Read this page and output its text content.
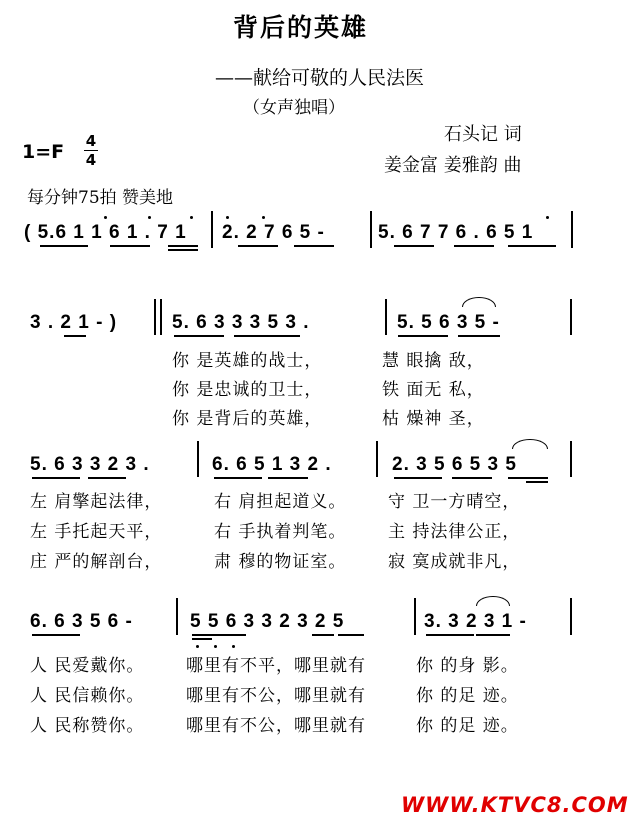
背后的英雄
——献给可敬的人民法医
（女声独唱）
石头记 词
姜金富 姜雅韵 曲
1=F 4
4
每分钟75拍 赞美地
( 5.6 1 1 6 1 . 7 1 2. 2 7 6 5 -	5. 6 7 7 6 . 6 5 1
3 . 2 1 - )	5. 6 3 3 3 5 3 .	5. 5 6 3 5 -
你 是英雄的战士，	慧 眼擒 敌，
你 是忠诚的卫士，	铁 面无 私，
你 是背后的英雄，	枯 燥神 圣，
5. 6 3 3 2 3 .	6. 6 5 1 3 2 .	2. 3 5 6 5 3 5
左 肩擎起法律，	右 肩担起道义。 守 卫一方晴空，
左 手托起天平，	右 手执着判笔。 主 持法律公正，
庄 严的解剖台，	肃 穆的物证室。 寂 寞成就非凡，
6. 6 3 5 6 -	5 5 6 3 3 2 3 2 5	3. 3 2 3 1 -
人 民爱戴你。 哪里有不平，哪里就有	你 的身 影。
人 民信赖你。 哪里有不公，哪里就有	你 的足 迹。
人 民称赞你。 哪里有不公，哪里就有	你 的足 迹。
WWW.KTVC8.COM
